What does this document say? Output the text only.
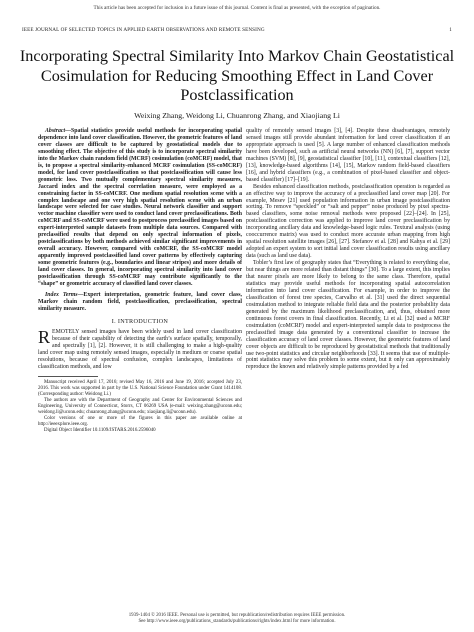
This article has been accepted for inclusion in a future issue of this journal. Content is final as presented, with the exception of pagination.
IEEE JOURNAL OF SELECTED TOPICS IN APPLIED EARTH OBSERVATIONS AND REMOTE SENSING	1
Incorporating Spectral Similarity Into Markov Chain Geostatistical Cosimulation for Reducing Smoothing Effect in Land Cover Postclassification
Weixing Zhang, Weidong Li, Chuanrong Zhang, and Xiaojiang Li

Abstract—Spatial statistics provide useful methods for incorporating spatial dependence into land cover classification. However, the geometric features of land cover classes are difficult to be captured by geostatistical models due to smoothing effect. The objective of this study is to incorporate spectral similarity into the Markov chain random field (MCRF) cosimulation (coMCRF) model, that is, to propose a spectral similarity-enhanced MCRF cosimulation (SS-coMCRF) model, for land cover postclassification so that postclassification will cause less geometric loss. Two mutually complementary spectral similarity measures, Jaccard index and the spectral correlation measure, were employed as a constraining factor in SS-coMCRF. One medium spatial resolution scene with a complex landscape and one very high spatial resolution scene with an urban landscape were selected for case studies. Neural network classifier and support vector machine classifier were used to conduct land cover preclassifications. Both coMCRF and SS-coMCRF were used to postprocess preclassified images based on expert-interpreted sample datasets from multiple data sources. Compared with preclassified results that depend on only spectral information of pixels, postclassifications by both methods achieved similar significant improvements in overall accuracy. However, compared with coMCRF, the SS-coMCRF model apparently improved postclassified land cover patterns by effectively capturing some geometric features (e.g., boundaries and linear stripes) and more details of land cover classes. In general, incorporating spectral similarity into land cover postclassification through SS-coMCRF may contribute significantly to the “shape” or geometric accuracy of classified land cover classes.

Index Terms—Expert interpretation, geometric feature, land cover class, Markov chain random field, postclassification, preclassification, spectral similarity measure.

I. INTRODUCTION

REMOTELY sensed images have been widely used in land cover classification because of their capability of detecting the earth’s surface spatially, temporally, and spectrally [1], [2]. However, it is still challenging to make a high-quality land cover map using remotely sensed images, especially in medium or coarse spatial resolutions, because of spectral confusion, complex landscapes, limitations of classification methods, and low

Manuscript received April 17, 2016; revised May 16, 2016 and June 19, 2016; accepted July 23, 2016. This work was supported in part by the U.S. National Science Foundation under Grant 1414108. (Corresponding author: Weidong Li.)

The authors are with the Department of Geography and Center for Environmental Sciences and Engineering, University of Connecticut, Storrs, CT 06269 USA (e-mail: weixing.zhang@uconn.edu; weidong.li@uconn.edu; chuanrong.zhang@uconn.edu; xiaojiang.li@uconn.edu).

Color versions of one or more of the figures in this paper are available online at http://ieeexplore.ieee.org.

Digital Object Identifier 10.1109/JSTARS.2016.2596040

quality of remotely sensed images [3], [4]. Despite these disadvantages, remotely sensed images still provide abundant information for land cover classification if an appropriate approach is used [5]. A large number of enhanced classification methods have been developed, such as artificial neural networks (NN) [6], [7], support vector machines (SVM) [8], [9], geostatistical classifier [10], [11], contextual classifiers [12], [13], knowledge-based algorithms [14], [15], Markov random field-based classifiers [16], and hybrid classifiers (e.g., a combination of pixel-based classifier and object-based classifier) [17]–[19].

Besides enhanced classification methods, postclassification operation is regarded as an effective way to improve the accuracy of a preclassified land cover map [20]. For example, Mesev [21] used population information in urban image postclassification sorting. To remove “speckled” or “salt and pepper” noise produced by pixel spectra-based classifiers, some noise removal methods were proposed [22]–[24]. In [25], postclassification correction was applied to improve land cover preclassification by incorporating ancillary data and knowledge-based logic rules. Textural analysis (using cooccurrence matrix) was used to conduct more accurate urban mapping from high spatial resolution satellite images [26], [27]. Stefanov et al. [28] and Kahya et al. [29] adopted an expert system to sort initial land cover classification results using ancillary data (such as land use data).

Tobler’s first law of geography states that “Everything is related to everything else, but near things are more related than distant things” [30]. To a large extent, this implies that nearer pixels are more likely to belong to the same class. Therefore, spatial statistics may provide useful methods for incorporating spatial autocorrelation information into land cover classification. For example, in order to improve the classification of forest tree species, Carvalho et al. [31] used the direct sequential cosimulation method to integrate reliable field data and the posterior probability data generated by the maximum likelihood preclassification, and, thus, obtained more continuous forest covers in final classification. Recently, Li et al. [32] used a MCRF cosimulation (coMCRF) model and expert-interpreted sample data to postprocess the preclassified image data generated by a conventional classifier to increase the classification accuracy of land cover classes. However, the geometric features of land cover objects are difficult to be reproduced by geostatistical methods that traditionally use two-point statistics and circular neighborhoods [33]. It seems that use of multiple-point statistics may solve this problem to some extent, but it only can approximately reproduce the known and relatively simple patterns provided by a fed

1939-1404 © 2016 IEEE. Personal use is permitted, but republication/redistribution requires IEEE permission.
See http://www.ieee.org/publications_standards/publications/rights/index.html for more information.
